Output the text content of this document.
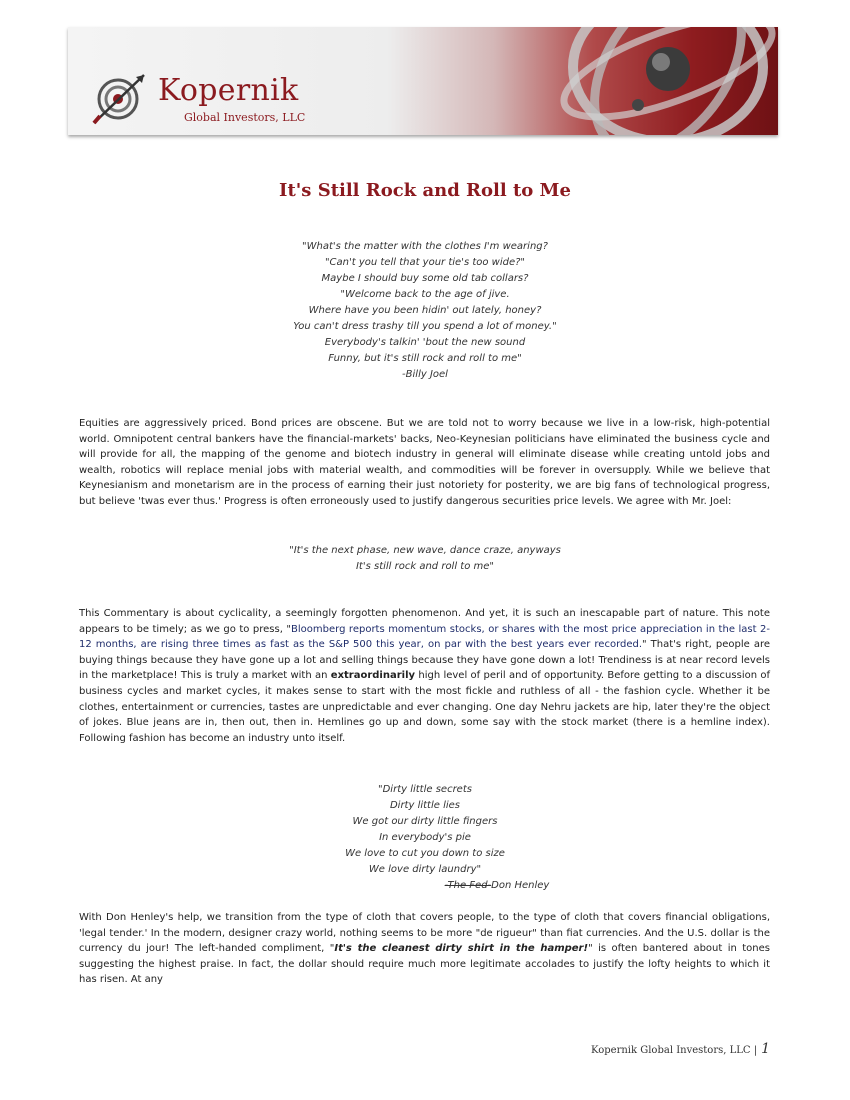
Kopernik
Global Investors, LLC
It's Still Rock and Roll to Me
"What's the matter with the clothes I'm wearing?
"Can't you tell that your tie's too wide?"
Maybe I should buy some old tab collars?
"Welcome back to the age of jive.
Where have you been hidin' out lately, honey?
You can't dress trashy till you spend a lot of money."
Everybody's talkin' 'bout the new sound
Funny, but it's still rock and roll to me"
-Billy Joel
Equities are aggressively priced. Bond prices are obscene. But we are told not to worry because we live in a low-risk, high-potential world. Omnipotent central bankers have the financial-markets' backs, Neo-Keynesian politicians have eliminated the business cycle and will provide for all, the mapping of the genome and biotech industry in general will eliminate disease while creating untold jobs and wealth, robotics will replace menial jobs with material wealth, and commodities will be forever in oversupply. While we believe that Keynesianism and monetarism are in the process of earning their just notoriety for posterity, we are big fans of technological progress, but believe 'twas ever thus.' Progress is often erroneously used to justify dangerous securities price levels. We agree with Mr. Joel:
"It's the next phase, new wave, dance craze, anyways
It's still rock and roll to me"
This Commentary is about cyclicality, a seemingly forgotten phenomenon. And yet, it is such an inescapable part of nature. This note appears to be timely; as we go to press, "Bloomberg reports momentum stocks, or shares with the most price appreciation in the last 2-12 months, are rising three times as fast as the S&P 500 this year, on par with the best years ever recorded." That's right, people are buying things because they have gone up a lot and selling things because they have gone down a lot! Trendiness is at near record levels in the marketplace! This is truly a market with an extraordinarily high level of peril and of opportunity. Before getting to a discussion of business cycles and market cycles, it makes sense to start with the most fickle and ruthless of all - the fashion cycle. Whether it be clothes, entertainment or currencies, tastes are unpredictable and ever changing. One day Nehru jackets are hip, later they're the object of jokes. Blue jeans are in, then out, then in. Hemlines go up and down, some say with the stock market (there is a hemline index). Following fashion has become an industry unto itself.
"Dirty little secrets
Dirty little lies
We got our dirty little fingers
In everybody's pie
We love to cut you down to size
We love dirty laundry"
-The Fed-Don Henley
With Don Henley's help, we transition from the type of cloth that covers people, to the type of cloth that covers financial obligations, 'legal tender.' In the modern, designer crazy world, nothing seems to be more "de rigueur" than fiat currencies. And the U.S. dollar is the currency du jour! The left-handed compliment, "It's the cleanest dirty shirt in the hamper!" is often bantered about in tones suggesting the highest praise. In fact, the dollar should require much more legitimate accolades to justify the lofty heights to which it has risen. At any
Kopernik Global Investors, LLC | 1
